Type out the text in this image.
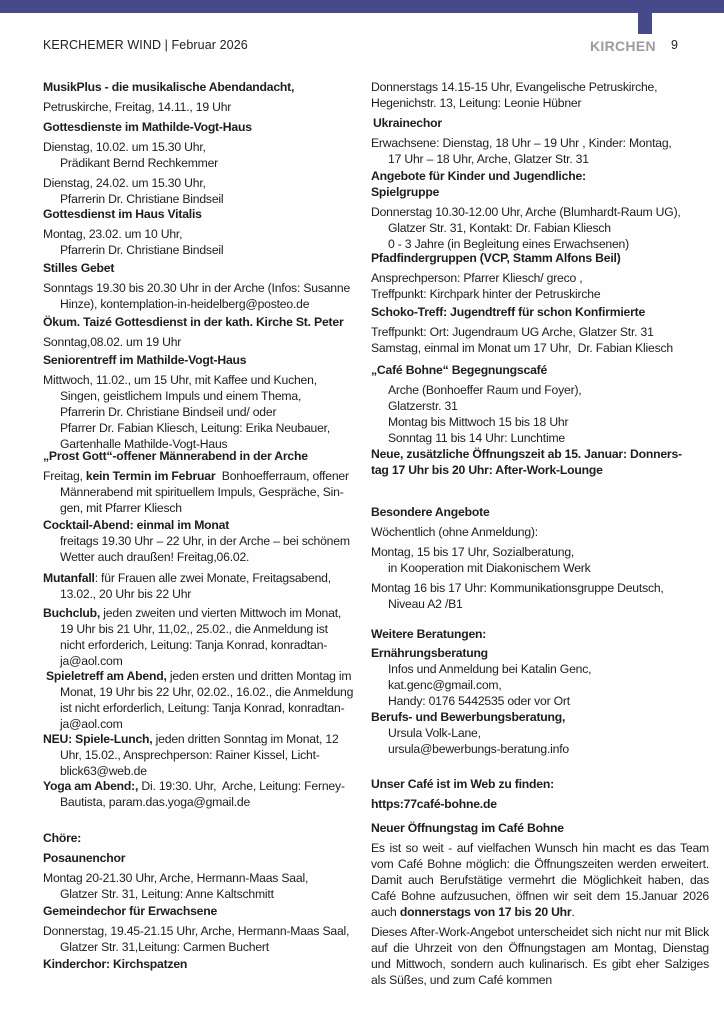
KERCHEMER WIND | Februar 2026	KIRCHEN 9
MusikPlus - die musikalische Abendandacht,
Petruskirche, Freitag, 14.11., 19 Uhr
Gottesdienste im Mathilde-Vogt-Haus
Dienstag, 10.02. um 15.30 Uhr,
Prädikant Bernd Rechkemmer
Dienstag, 24.02. um 15.30 Uhr,
Pfarrerin Dr. Christiane Bindseil
Gottesdienst im Haus Vitalis
Montag, 23.02. um 10 Uhr,
Pfarrerin Dr. Christiane Bindseil
Stilles Gebet
Sonntags 19.30 bis 20.30 Uhr in der Arche (Infos: Susanne
Hinze), kontemplation-in-heidelberg@posteo.de
Ökum. Taizé Gottesdienst in der kath. Kirche St. Peter
Sonntag,08.02. um 19 Uhr
Seniorentreff im Mathilde-Vogt-Haus
Mittwoch, 11.02., um 15 Uhr, mit Kaffee und Kuchen,
Singen, geistlichem Impuls und einem Thema,
Pfarrerin Dr. Christiane Bindseil und/ oder
Pfarrer Dr. Fabian Kliesch, Leitung: Erika Neubauer,
Gartenhalle Mathilde-Vogt-Haus
„Prost Gott“-offener Männerabend in der Arche
Freitag, kein Termin im Februar  Bonhoefferraum, offener
Männerabend mit spirituellem Impuls, Gespräche, Sin-
gen, mit Pfarrer Kliesch
Cocktail-Abend: einmal im Monat
freitags 19.30 Uhr – 22 Uhr, in der Arche – bei schönem
Wetter auch draußen! Freitag,06.02.
Mutanfall: für Frauen alle zwei Monate, Freitagsabend,
13.02., 20 Uhr bis 22 Uhr
Buchclub, jeden zweiten und vierten Mittwoch im Monat,
19 Uhr bis 21 Uhr, 11,02,, 25.02., die Anmeldung ist
nicht erforderich, Leitung: Tanja Konrad, konradtan-
ja@aol.com
Spieletreff am Abend, jeden ersten und dritten Montag im
Monat, 19 Uhr bis 22 Uhr, 02.02., 16.02., die Anmeldung
ist nicht erforderlich, Leitung: Tanja Konrad, konradtan-
ja@aol.com
NEU: Spiele-Lunch, jeden dritten Sonntag im Monat, 12
Uhr, 15.02., Ansprechperson: Rainer Kissel, Licht-
blick63@web.de
Yoga am Abend:, Di. 19:30. Uhr,  Arche, Leitung: Ferney-
Bautista, param.das.yoga@gmail.de
Chöre:
Posaunenchor
Montag 20-21.30 Uhr, Arche, Hermann-Maas Saal,
Glatzer Str. 31, Leitung: Anne Kaltschmitt
Gemeindechor für Erwachsene
Donnerstag, 19.45-21.15 Uhr, Arche, Hermann-Maas Saal,
Glatzer Str. 31,Leitung: Carmen Buchert
Kinderchor: Kirchspatzen
Donnerstags 14.15-15 Uhr, Evangelische Petruskirche,
Hegenichstr. 13, Leitung: Leonie Hübner
Ukrainechor
Erwachsene: Dienstag, 18 Uhr – 19 Uhr , Kinder: Montag,
17 Uhr – 18 Uhr, Arche, Glatzer Str. 31
Angebote für Kinder und Jugendliche:
Spielgruppe
Donnerstag 10.30-12.00 Uhr, Arche (Blumhardt-Raum UG),
Glatzer Str. 31, Kontakt: Dr. Fabian Kliesch
0 - 3 Jahre (in Begleitung eines Erwachsenen)
Pfadfindergruppen (VCP, Stamm Alfons Beil)
Ansprechperson: Pfarrer Kliesch/ greco ,
Treffpunkt: Kirchpark hinter der Petruskirche
Schoko-Treff: Jugendtreff für schon Konfirmierte
Treffpunkt: Ort: Jugendraum UG Arche, Glatzer Str. 31
Samstag, einmal im Monat um 17 Uhr,  Dr. Fabian Kliesch
„Café Bohne“ Begegnungscafé
Arche (Bonhoeffer Raum und Foyer),
Glatzerstr. 31
Montag bis Mittwoch 15 bis 18 Uhr
Sonntag 11 bis 14 Uhr: Lunchtime
Neue, zusätzliche Öffnungszeit ab 15. Januar: Donners-
tag 17 Uhr bis 20 Uhr: After-Work-Lounge
Besondere Angebote
Wöchentlich (ohne Anmeldung):
Montag, 15 bis 17 Uhr, Sozialberatung,
in Kooperation mit Diakonischem Werk
Montag 16 bis 17 Uhr: Kommunikationsgruppe Deutsch,
Niveau A2 /B1
Weitere Beratungen:
Ernährungsberatung
Infos und Anmeldung bei Katalin Genc,
kat.genc@gmail.com,
Handy: 0176 5442535 oder vor Ort
Berufs- und Bewerbungsberatung,
Ursula Volk-Lane,
ursula@bewerbungs-beratung.info
Unser Café ist im Web zu finden:
https:77café-bohne.de
Neuer Öffnungstag im Café Bohne
Es ist so weit - auf vielfachen Wunsch hin macht es das Team vom Café Bohne möglich: die Öffnungszeiten werden erweitert. Damit auch Berufstätige vermehrt die Möglichkeit haben, das Café Bohne aufzusuchen, öffnen wir seit dem 15.Januar 2026 auch donnerstags von 17 bis 20 Uhr.
Dieses After-Work-Angebot unterscheidet sich nicht nur mit Blick auf die Uhrzeit von den Öffnungstagen am Montag, Dienstag und Mittwoch, sondern auch kulinarisch. Es gibt eher Salziges als Süßes, und zum Café kommen
